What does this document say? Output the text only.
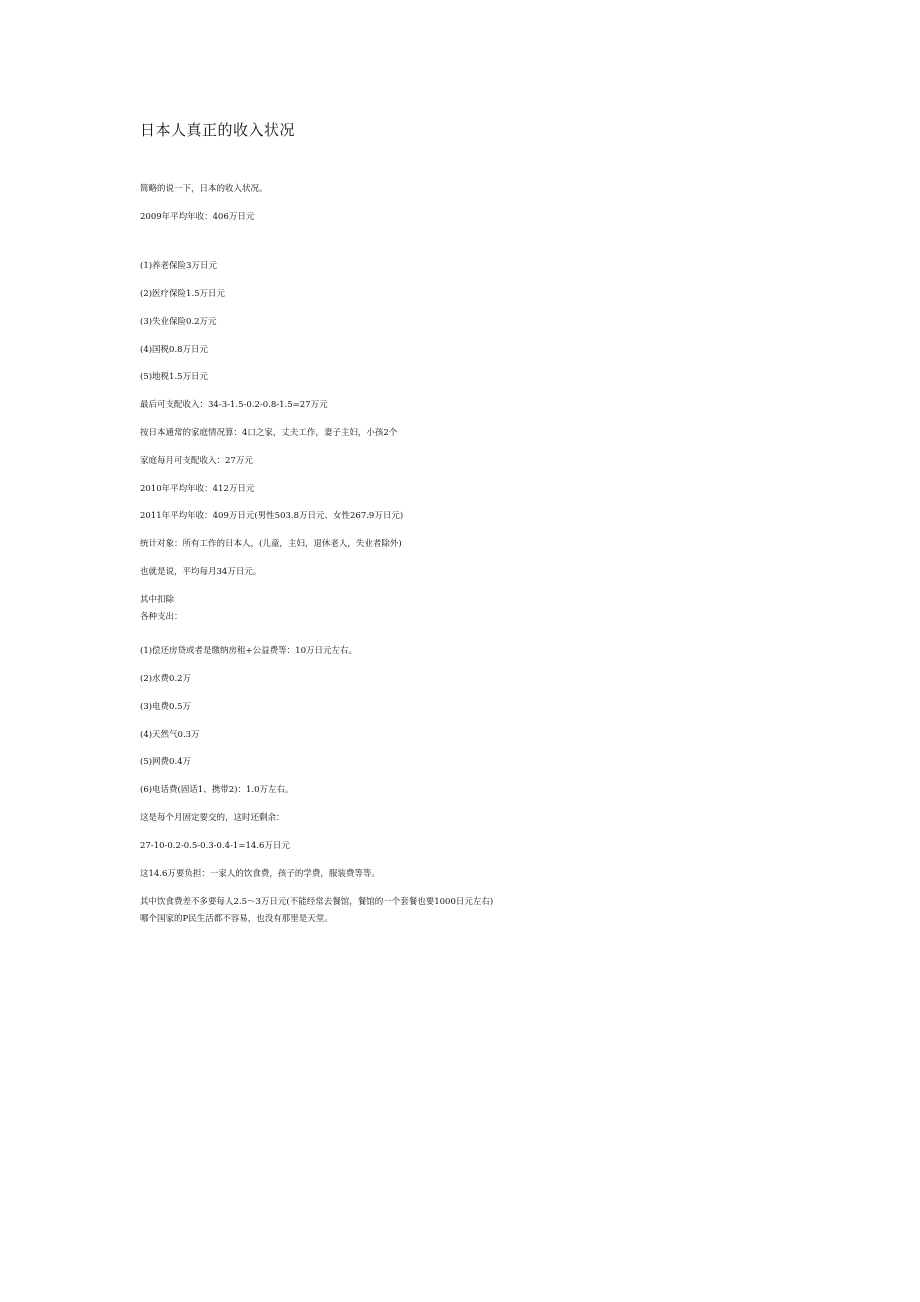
日本人真正的收入状况
简略的说一下，日本的收入状况。
2009年平均年收：406万日元
(1)养老保险3万日元
(2)医疗保险1.5万日元
(3)失业保险0.2万元
(4)国税0.8万日元
(5)地税1.5万日元
最后可支配收入：34-3-1.5-0.2-0.8-1.5=27万元
按日本通常的家庭情况算：4口之家，丈夫工作，妻子主妇，小孩2个
家庭每月可支配收入：27万元
2010年平均年收：412万日元
2011年平均年收：409万日元(男性503.8万日元、女性267.9万日元)
统计对象：所有工作的日本人，(儿童，主妇，退休老人，失业者除外)
也就是说，平均每月34万日元。
其中扣除
各种支出：
(1)偿还房贷或者是缴纳房租+公益费等：10万日元左右。
(2)水费0.2万
(3)电费0.5万
(4)天然气0.3万
(5)网费0.4万
(6)电话费(固话1、携带2)：1.0万左右。
这是每个月固定要交的，这时还剩余：
27-10-0.2-0.5-0.3-0.4-1=14.6万日元
这14.6万要负担：一家人的饮食费，孩子的学费，服装费等等。
其中饮食费差不多要每人2.5～3万日元(不能经常去餐馆，餐馆的一个套餐也要1000日元左右)
哪个国家的P民生活都不容易，也没有那里是天堂。
